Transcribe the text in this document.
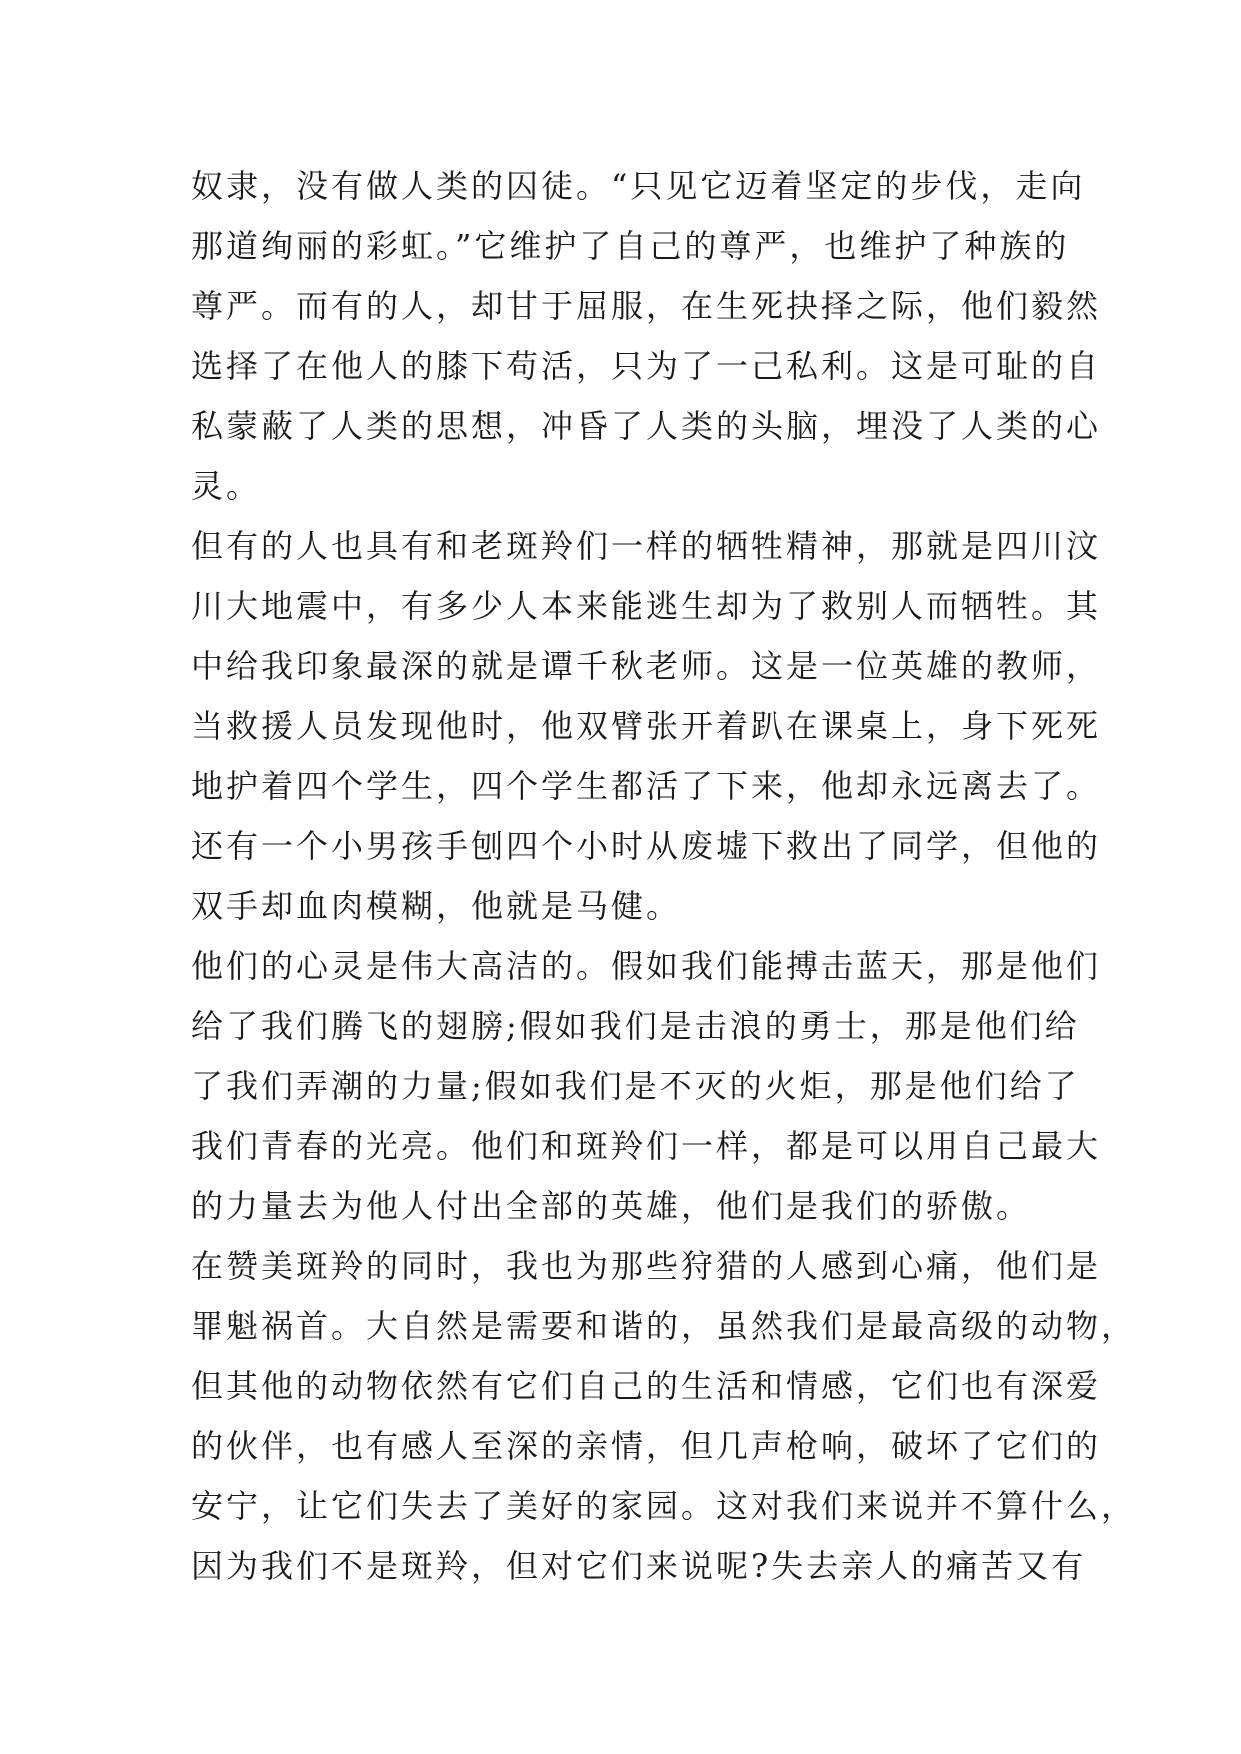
奴隶，没有做人类的囚徒。“只见它迈着坚定的步伐，走向
那道绚丽的彩虹。”它维护了自己的尊严，也维护了种族的
尊严。而有的人，却甘于屈服，在生死抉择之际，他们毅然
选择了在他人的膝下苟活，只为了一己私利。这是可耻的自
私蒙蔽了人类的思想，冲昏了人类的头脑，埋没了人类的心
灵。
但有的人也具有和老斑羚们一样的牺牲精神，那就是四川汶
川大地震中，有多少人本来能逃生却为了救别人而牺牲。其
中给我印象最深的就是谭千秋老师。这是一位英雄的教师，
当救援人员发现他时，他双臂张开着趴在课桌上，身下死死
地护着四个学生，四个学生都活了下来，他却永远离去了。
还有一个小男孩手刨四个小时从废墟下救出了同学，但他的
双手却血肉模糊，他就是马健。
他们的心灵是伟大高洁的。假如我们能搏击蓝天，那是他们
给了我们腾飞的翅膀;假如我们是击浪的勇士，那是他们给
了我们弄潮的力量;假如我们是不灭的火炬，那是他们给了
我们青春的光亮。他们和斑羚们一样，都是可以用自己最大
的力量去为他人付出全部的英雄，他们是我们的骄傲。
在赞美斑羚的同时，我也为那些狩猎的人感到心痛，他们是
罪魁祸首。大自然是需要和谐的，虽然我们是最高级的动物，
但其他的动物依然有它们自己的生活和情感，它们也有深爱
的伙伴，也有感人至深的亲情，但几声枪响，破坏了它们的
安宁，让它们失去了美好的家园。这对我们来说并不算什么，
因为我们不是斑羚，但对它们来说呢?失去亲人的痛苦又有
